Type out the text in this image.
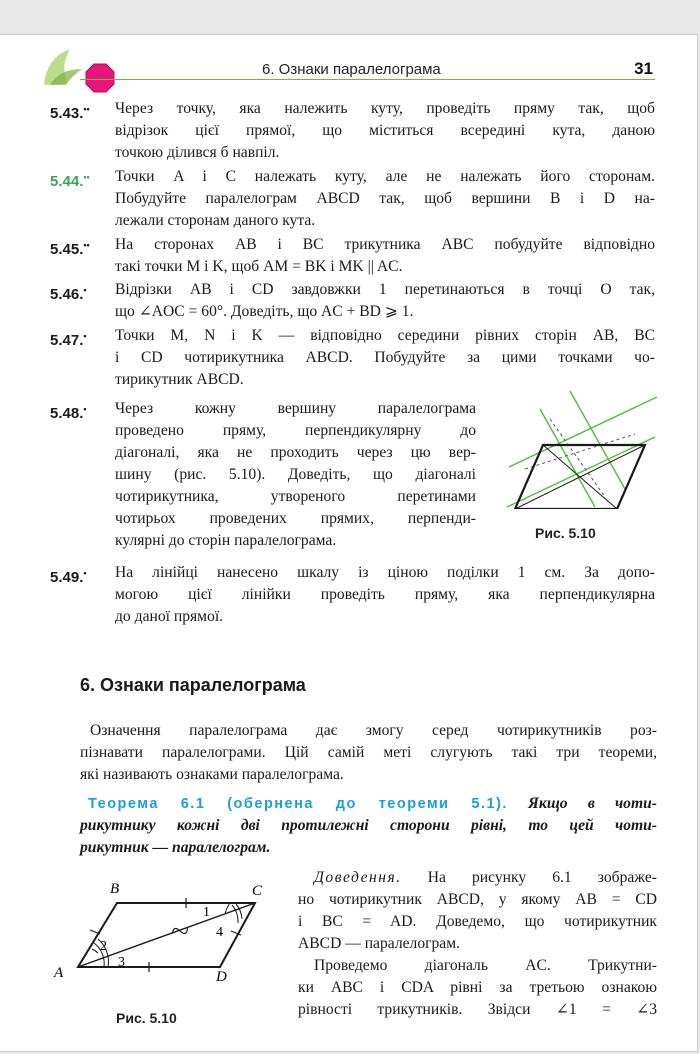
6. Ознаки паралелограма	31
5.43.•• Через точку, яка належить куту, проведіть пряму так, щоб
відрізок цієї прямої, що міститься всередині кута, даною
точкою ділився б навпіл.
5.44.•• Точки A і C належать куту, але не належать його сторонам.
Побудуйте паралелограм ABCD так, щоб вершини B і D на-
лежали сторонам даного кута.
5.45.•• На сторонах AB і BC трикутника ABC побудуйте відповідно
такі точки M і K, щоб AM = BK і MK || AC.
5.46.• Відрізки AB і CD завдовжки 1 перетинаються в точці O так,
що ∠AOC = 60°. Доведіть, що AC + BD ⩾ 1.
5.47.• Точки M, N і K — відповідно середини рівних сторін AB, BC
і CD чотирикутника ABCD. Побудуйте за цими точками чо-
тирикутник ABCD.
5.48.• Через кожну вершину паралелограма
проведено пряму, перпендикулярну до
діагоналі, яка не проходить через цю вер-
шину (рис. 5.10). Доведіть, що діагоналі
чотирикутника, утвореного перетинами
чотирьох проведених прямих, перпенди-
кулярні до сторін паралелограма.	Рис. 5.10
5.49.• На лінійці нанесено шкалу із ціною поділки 1 см. За допо-
могою цієї лінійки проведіть пряму, яка перпендикулярна
до даної прямої.
6. Ознаки паралелограма
Означення паралелограма дає змогу серед чотирикутників роз-
пізнавати паралелограми. Цій самій меті слугують такі три теореми,
які називають ознаками паралелограма.
Теорема 6.1 (обернена до теореми 5.1). Якщо в чоти-
рикутнику кожні дві протилежні сторони рівні, то цей чоти-
рикутник — паралелограм.
B	C
A	D
1
2
3
4
Рис. 5.10
Доведення. На рисунку 6.1 зображе-
но чотирикутник ABCD, у якому AB = CD
і BC = AD. Доведемо, що чотирикутник
ABCD — паралелограм.
Проведемо діагональ AC. Трикутни-
ки ABC і CDA рівні за третьою ознакою
рівності трикутників. Звідси ∠1 = ∠3
